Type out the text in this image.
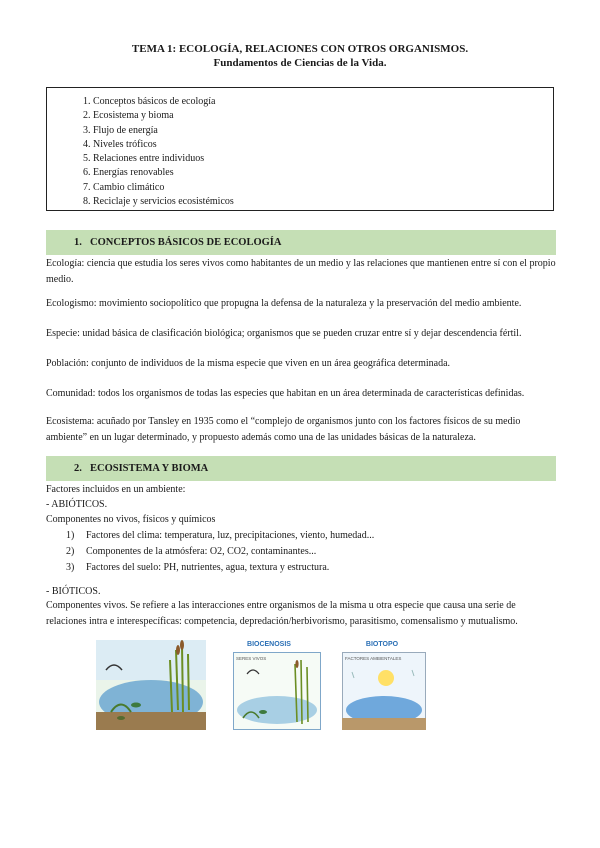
TEMA 1: ECOLOGÍA, RELACIONES CON OTROS ORGANISMOS.
Fundamentos de Ciencias de la Vida.
1. Conceptos básicos de ecología
2. Ecosistema y bioma
3. Flujo de energía
4. Niveles tróficos
5. Relaciones entre individuos
6. Energías renovables
7. Cambio climático
8. Reciclaje y servicios ecosistémicos
1. CONCEPTOS BÁSICOS DE ECOLOGÍA
Ecología: ciencia que estudia los seres vivos como habitantes de un medio y las relaciones que mantienen entre sí con el propio medio.
Ecologismo: movimiento sociopolítico que propugna la defensa de la naturaleza y la preservación del medio ambiente.
Especie: unidad básica de clasificación biológica; organismos que se pueden cruzar entre sí y dejar descendencia fértil.
Población: conjunto de individuos de la misma especie que viven en un área geográfica determinada.
Comunidad: todos los organismos de todas las especies que habitan en un área determinada de características definidas.
Ecosistema: acuñado por Tansley en 1935 como el “complejo de organismos junto con los factores físicos de su medio ambiente” en un lugar determinado, y propuesto además como una de las unidades básicas de la naturaleza.
2. ECOSISTEMA Y BIOMA
Factores incluidos en un ambiente:
- ABIÓTICOS.
Componentes no vivos, físicos y químicos
1) Factores del clima: temperatura, luz, precipitaciones, viento, humedad...
2) Componentes de la atmósfera: O2, CO2, contaminantes...
3) Factores del suelo: PH, nutrientes, agua, textura y estructura.
- BIÓTICOS.
Componentes vivos. Se refiere a las interacciones entre organismos de la misma u otra especie que causa una serie de relaciones intra e interespecíficas: competencia, depredación/herbivorismo, parasitismo, comensalismo y mutualismo.
BIOCENOSIS
SERES VIVOS
BIOTOPO
FACTORES AMBIENTALES
